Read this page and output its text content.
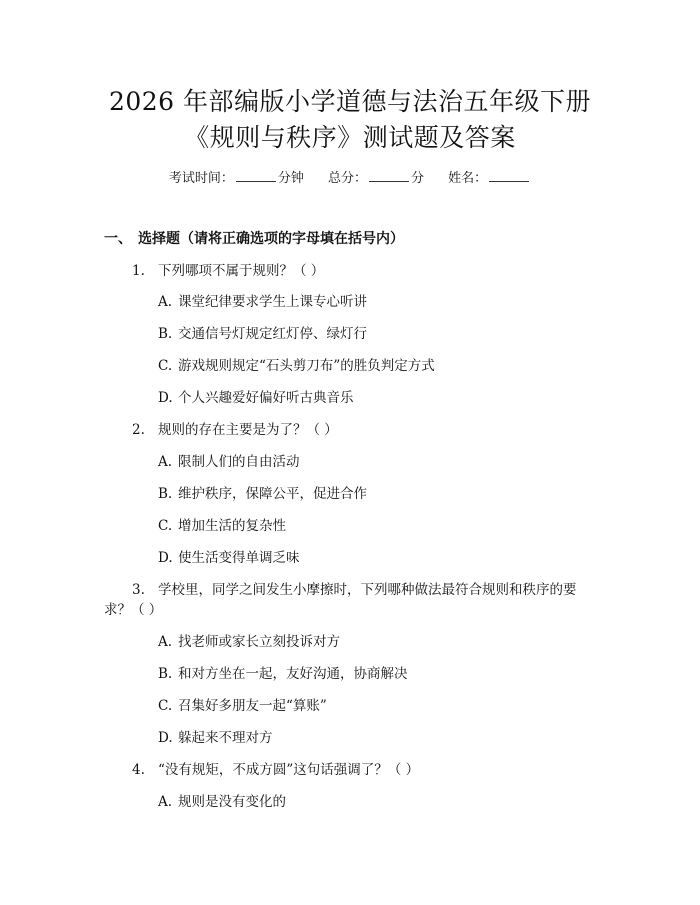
2026 年部编版小学道德与法治五年级下册
《规则与秩序》测试题及答案
考试时间：	分钟 总分：	分 姓名：
一、 选择题（请将正确选项的字母填在括号内）
1. 下列哪项不属于规则？（ ）
A. 课堂纪律要求学生上课专心听讲
B. 交通信号灯规定红灯停、绿灯行
C. 游戏规则规定“石头剪刀布”的胜负判定方式
D. 个人兴趣爱好偏好听古典音乐
2. 规则的存在主要是为了？（ ）
A. 限制人们的自由活动
B. 维护秩序，保障公平，促进合作
C. 增加生活的复杂性
D. 使生活变得单调乏味
3. 学校里，同学之间发生小摩擦时，下列哪种做法最符合规则和秩序的要
求？（ ）
A. 找老师或家长立刻投诉对方
B. 和对方坐在一起，友好沟通，协商解决
C. 召集好多朋友一起“算账”
D. 躲起来不理对方
4. “没有规矩，不成方圆”这句话强调了？（ ）
A. 规则是没有变化的
